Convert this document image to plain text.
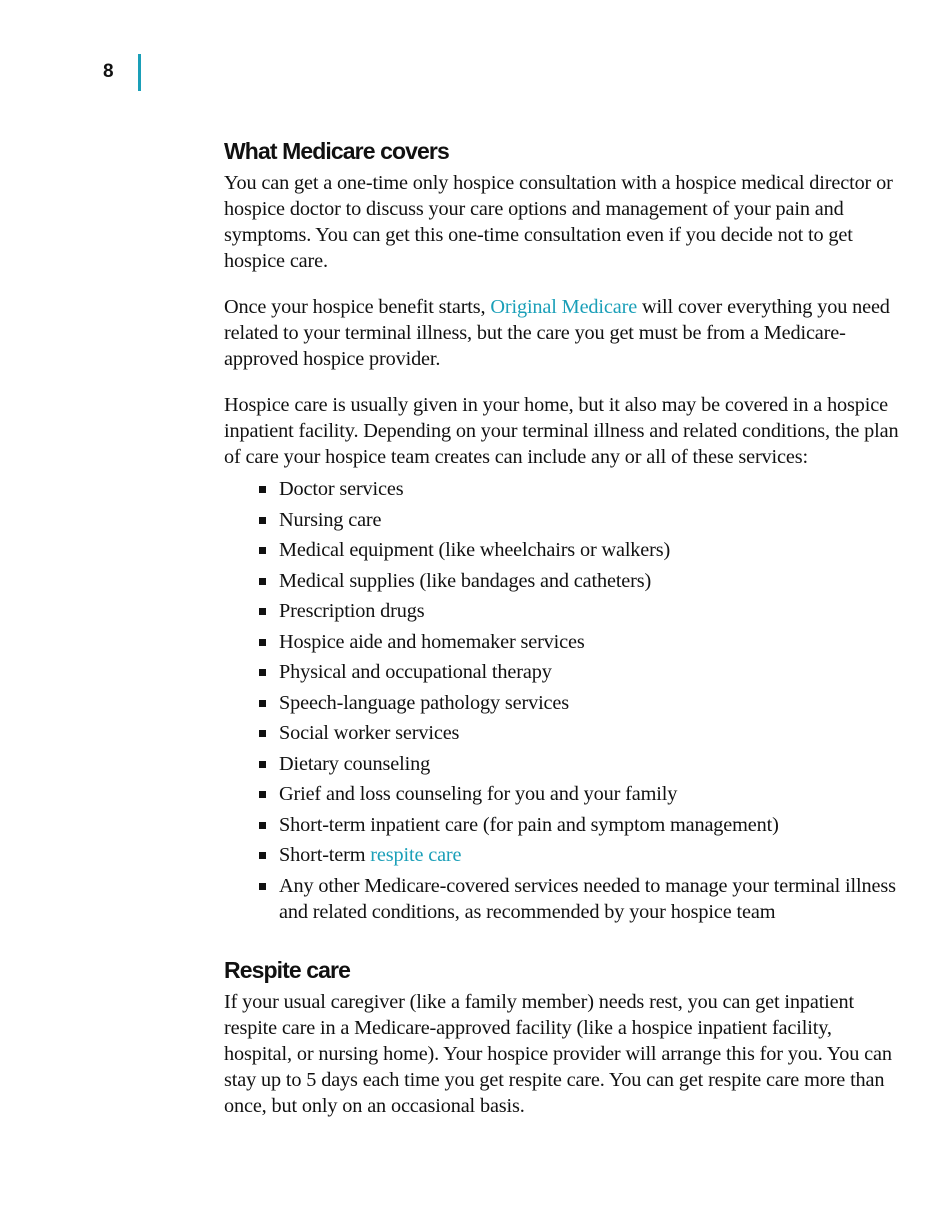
8
What Medicare covers

You can get a one-time only hospice consultation with a hospice medical director or hospice doctor to discuss your care options and management of your pain and symptoms. You can get this one-time consultation even if you decide not to get hospice care.

Once your hospice benefit starts, Original Medicare will cover everything you need related to your terminal illness, but the care you get must be from a Medicare-approved hospice provider.

Hospice care is usually given in your home, but it also may be covered in a hospice inpatient facility. Depending on your terminal illness and related conditions, the plan of care your hospice team creates can include any or all of these services:

Doctor services
Nursing care
Medical equipment (like wheelchairs or walkers)
Medical supplies (like bandages and catheters)
Prescription drugs
Hospice aide and homemaker services
Physical and occupational therapy
Speech-language pathology services
Social worker services
Dietary counseling
Grief and loss counseling for you and your family
Short-term inpatient care (for pain and symptom management)
Short-term respite care
Any other Medicare-covered services needed to manage your terminal illness and related conditions, as recommended by your hospice team
Respite care

If your usual caregiver (like a family member) needs rest, you can get inpatient respite care in a Medicare-approved facility (like a hospice inpatient facility, hospital, or nursing home). Your hospice provider will arrange this for you. You can stay up to 5 days each time you get respite care. You can get respite care more than once, but only on an occasional basis.
